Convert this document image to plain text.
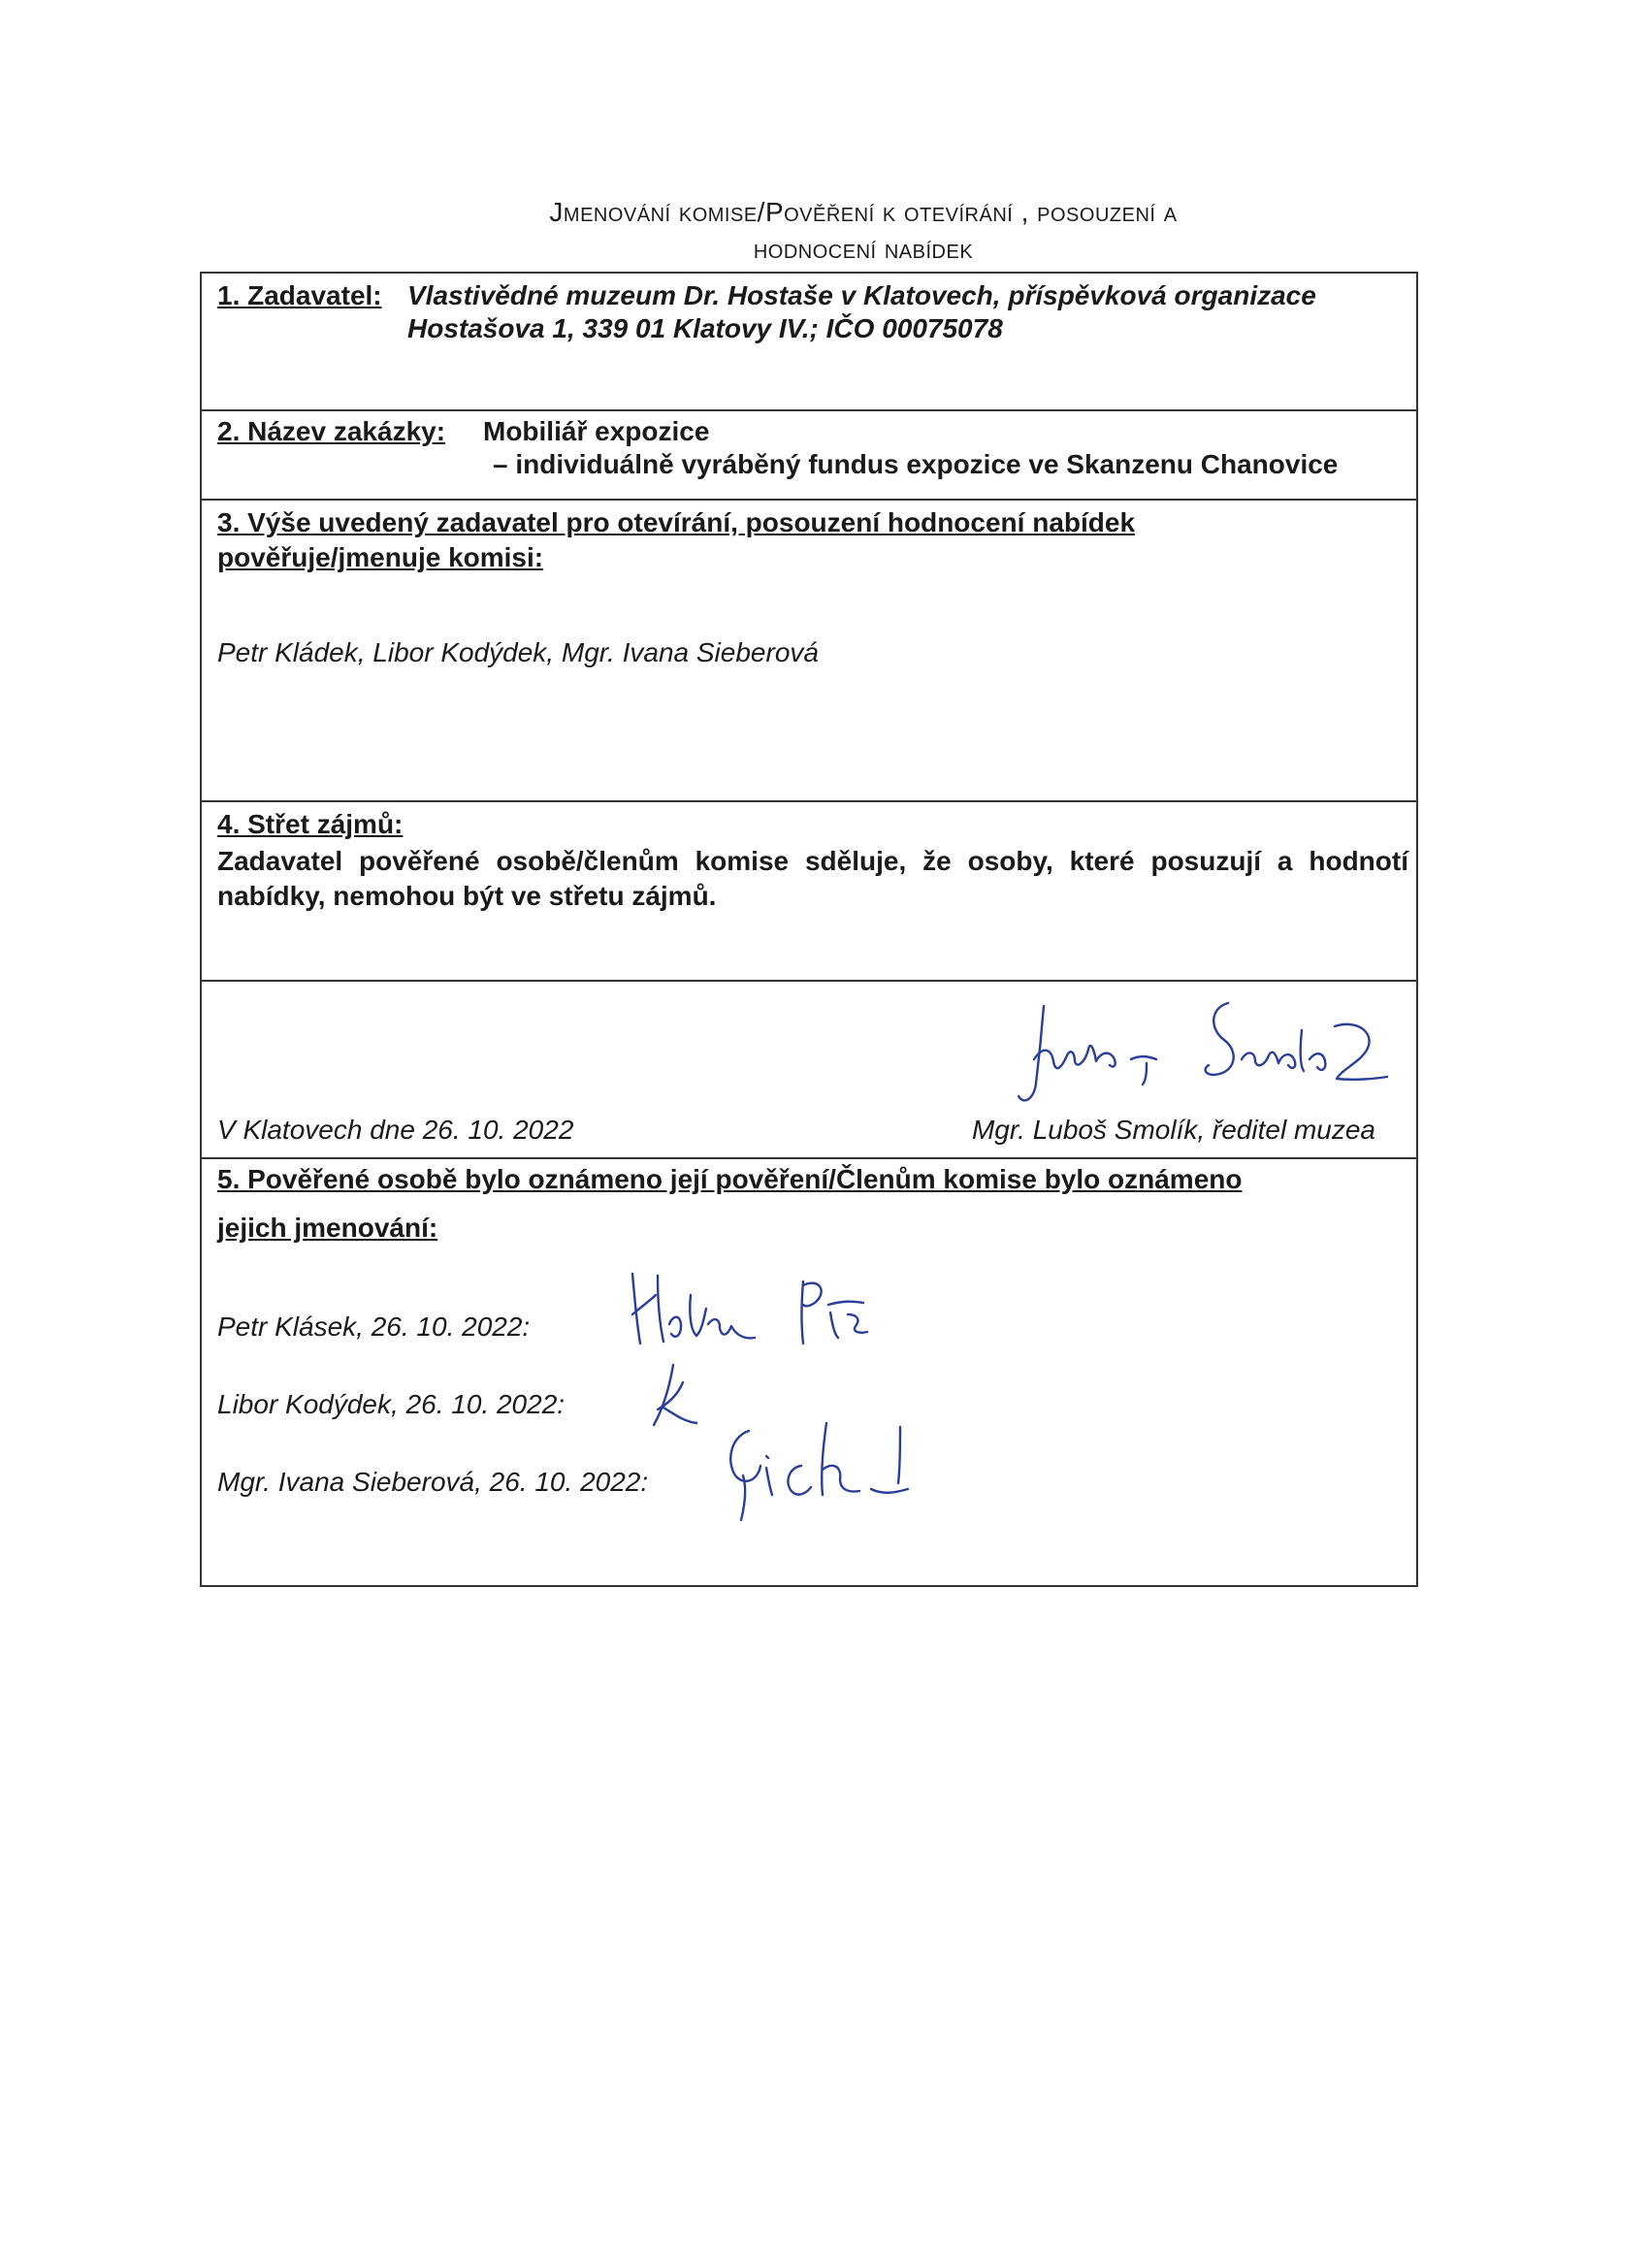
Jmenování komise/Pověření k otevírání , posouzení a
hodnocení nabídek
1. Zadavatel: Vlastivědné muzeum Dr. Hostaše v Klatovech, příspěvková organizace
Hostašova 1, 339 01 Klatovy IV.; IČO 00075078
2. Název zakázky: Mobiliář expozice
– individuálně vyráběný fundus expozice ve Skanzenu Chanovice
3. Výše uvedený zadavatel pro otevírání, posouzení hodnocení nabídek
pověřuje/jmenuje komisi:
Petr Kládek, Libor Kodýdek, Mgr. Ivana Sieberová
4. Střet zájmů:
Zadavatel pověřené osobě/členům komise sděluje, že osoby, které posuzují a hodnotí nabídky, nemohou být ve střetu zájmů.
V Klatovech dne 26. 10. 2022	Mgr. Luboš Smolík, ředitel muzea
5. Pověřené osobě bylo oznámeno její pověření/Členům komise bylo oznámeno
jejich jmenování:
Petr Klásek, 26. 10. 2022:
Libor Kodýdek, 26. 10. 2022:
Mgr. Ivana Sieberová, 26. 10. 2022:
